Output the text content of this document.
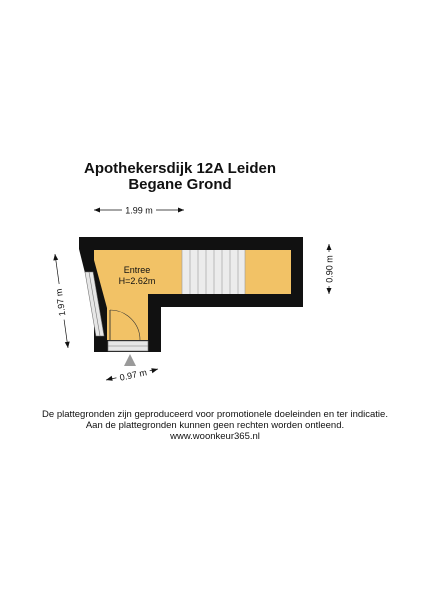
Apothekersdijk 12A Leiden
Begane Grond
1.99 m
0.90 m
1.97 m
0.97 m
Entree
H=2.62m
De plattegronden zijn geproduceerd voor promotionele doeleinden en ter indicatie.
Aan de plattegronden kunnen geen rechten worden ontleend.
www.woonkeur365.nl
